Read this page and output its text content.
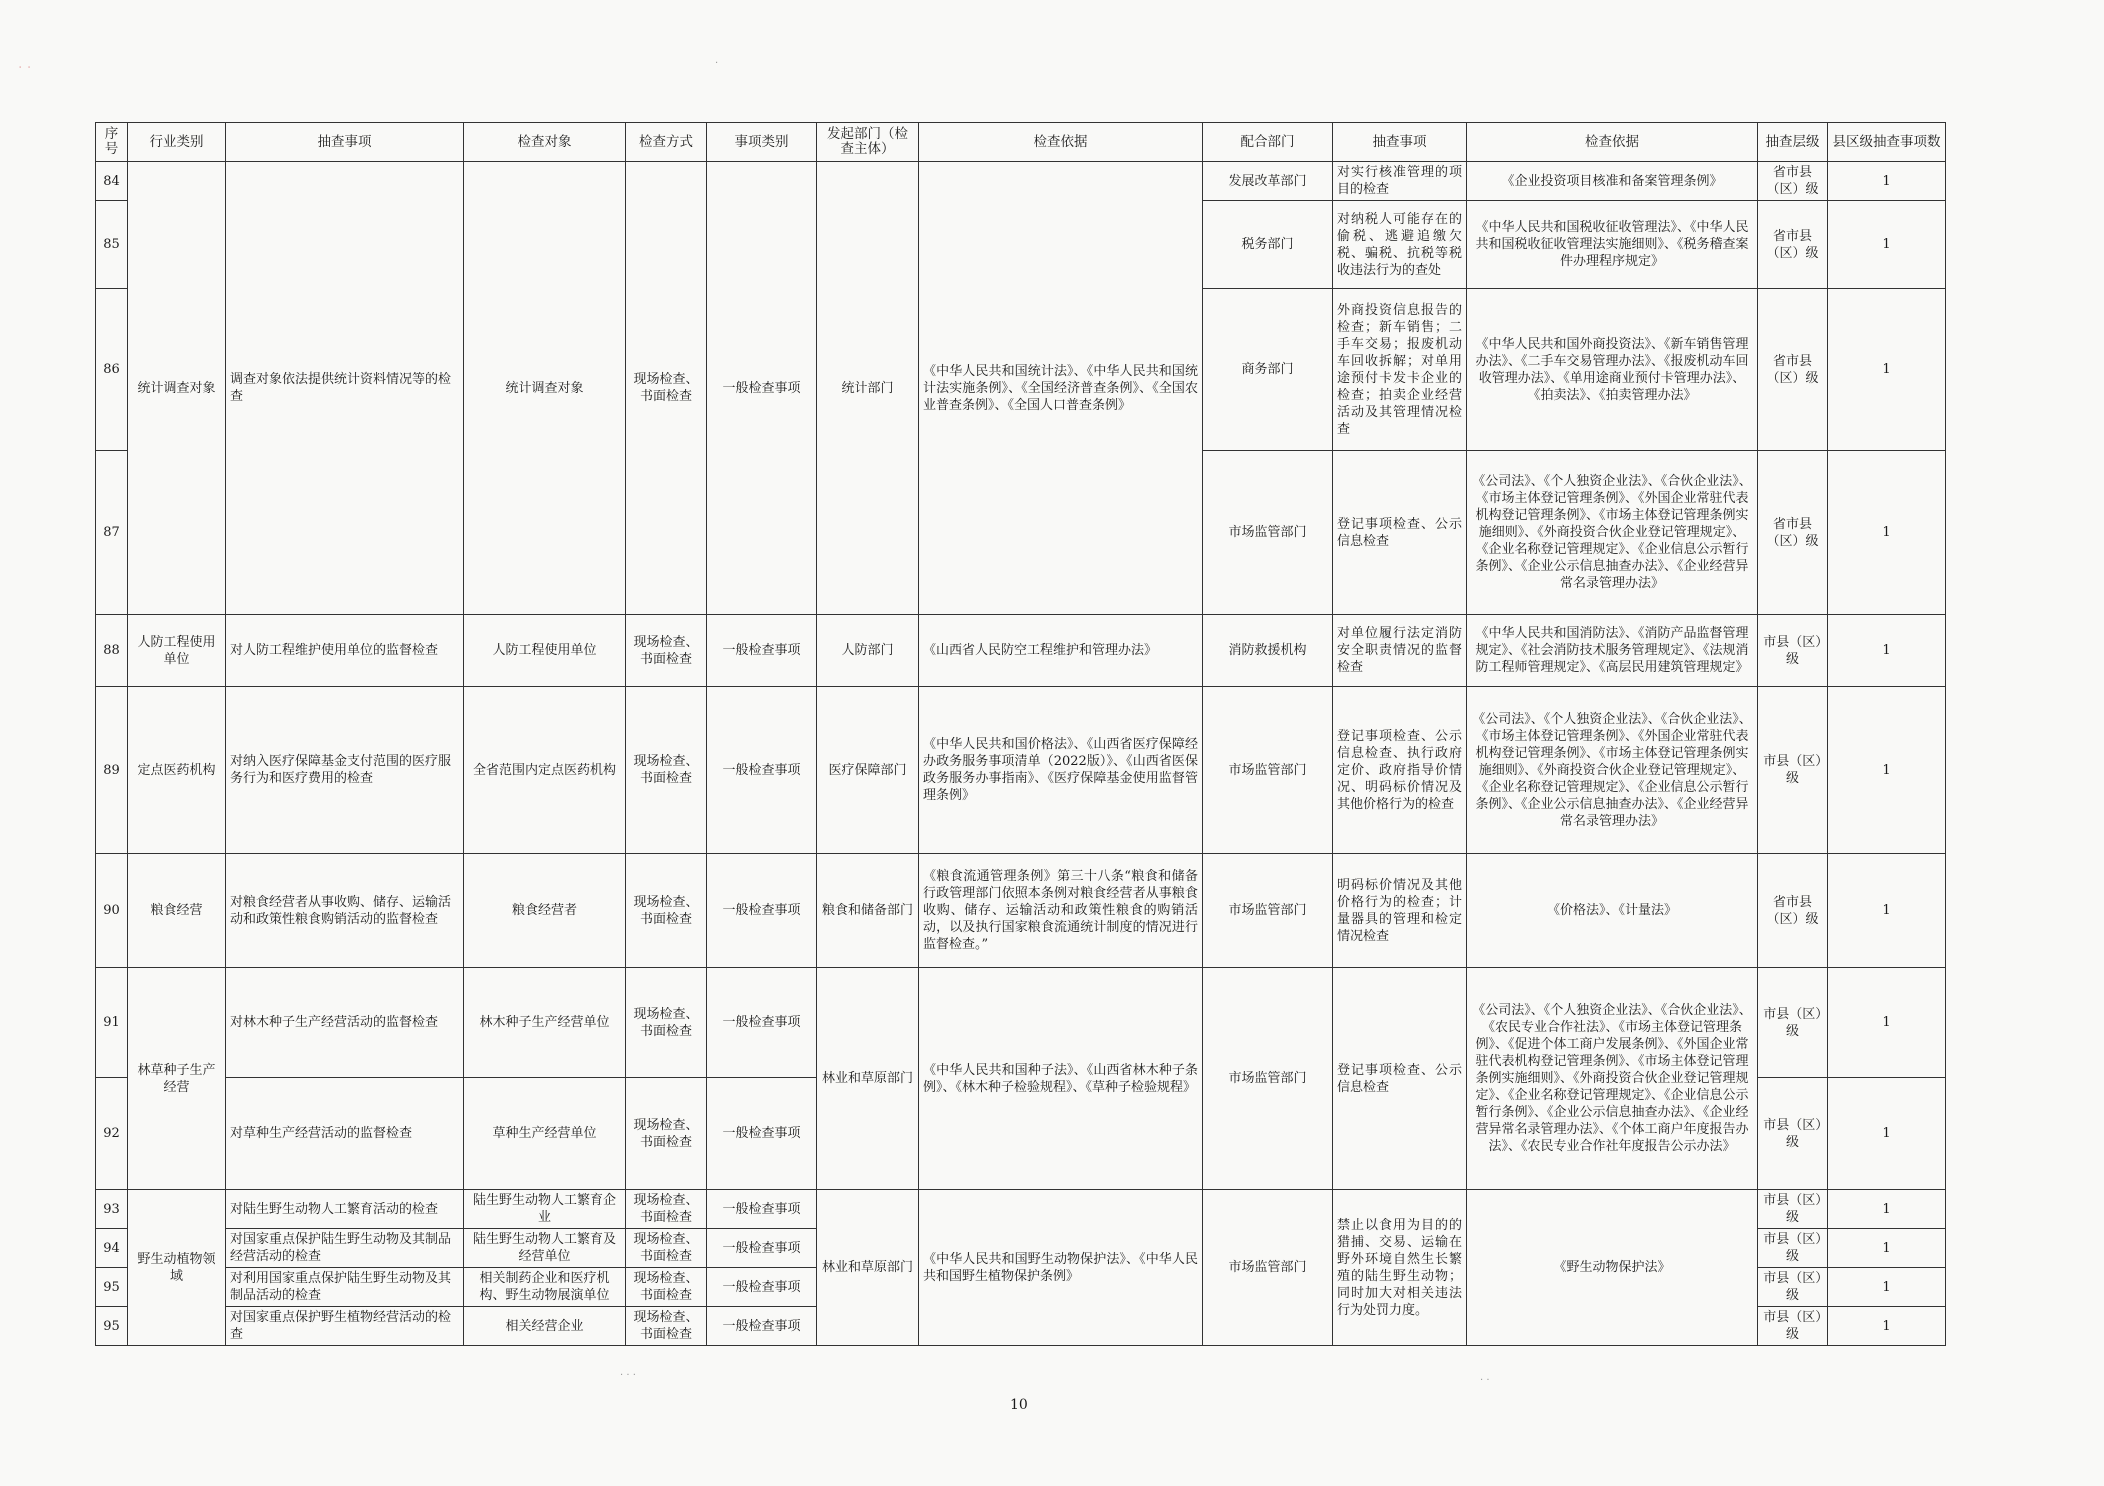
· ·
序号	行业类别	抽查事项	检查对象	检查方式	事项类别	发起部门（检查主体）	检查依据	配合部门	抽查事项	检查依据	抽查层级	县区级抽查事项数
84	统计调查对象	调查对象依法提供统计资料情况等的检查	统计调查对象	现场检查、书面检查	一般检查事项	统计部门	《中华人民共和国统计法》、《中华人民共和国统计法实施条例》、《全国经济普查条例》、《全国农业普查条例》、《全国人口普查条例》	发展改革部门	对实行核准管理的项目的检查	《企业投资项目核准和备案管理条例》	省市县（区）级	1
85								税务部门	对纳税人可能存在的偷税、逃避追缴欠税、骗税、抗税等税收违法行为的查处	《中华人民共和国税收征收管理法》、《中华人民共和国税收征收管理法实施细则》、《税务稽查案件办理程序规定》	省市县（区）级	1
86								商务部门	外商投资信息报告的检查；新车销售；二手车交易；报废机动车回收拆解；对单用途预付卡发卡企业的检查；拍卖企业经营活动及其管理情况检查	《中华人民共和国外商投资法》、《新车销售管理办法》、《二手车交易管理办法》、《报废机动车回收管理办法》、《单用途商业预付卡管理办法》、《拍卖法》、《拍卖管理办法》	省市县（区）级	1
87								市场监管部门	登记事项检查、公示信息检查	《公司法》、《个人独资企业法》、《合伙企业法》、《市场主体登记管理条例》、《外国企业常驻代表机构登记管理条例》、《市场主体登记管理条例实施细则》、《外商投资合伙企业登记管理规定》、《企业名称登记管理规定》、《企业信息公示暂行条例》、《企业公示信息抽查办法》、《企业经营异常名录管理办法》	省市县（区）级	1
88	人防工程使用单位	对人防工程维护使用单位的监督检查	人防工程使用单位	现场检查、书面检查	一般检查事项	人防部门	《山西省人民防空工程维护和管理办法》	消防救援机构	对单位履行法定消防安全职责情况的监督检查	《中华人民共和国消防法》、《消防产品监督管理规定》、《社会消防技术服务管理规定》、《法规消防工程师管理规定》、《高层民用建筑管理规定》	市县（区）级	1
89	定点医药机构	对纳入医疗保障基金支付范围的医疗服务行为和医疗费用的检查	全省范围内定点医药机构	现场检查、书面检查	一般检查事项	医疗保障部门	《中华人民共和国价格法》、《山西省医疗保障经办政务服务事项清单（2022版）》、《山西省医保政务服务办事指南》、《医疗保障基金使用监督管理条例》	市场监管部门	登记事项检查、公示信息检查、执行政府定价、政府指导价情况、明码标价情况及其他价格行为的检查	《公司法》、《个人独资企业法》、《合伙企业法》、《市场主体登记管理条例》、《外国企业常驻代表机构登记管理条例》、《市场主体登记管理条例实施细则》、《外商投资合伙企业登记管理规定》、《企业名称登记管理规定》、《企业信息公示暂行条例》、《企业公示信息抽查办法》、《企业经营异常名录管理办法》	市县（区）级	1
90	粮食经营	对粮食经营者从事收购、储存、运输活动和政策性粮食购销活动的监督检查	粮食经营者	现场检查、书面检查	一般检查事项	粮食和储备部门	《粮食流通管理条例》第三十八条“粮食和储备行政管理部门依照本条例对粮食经营者从事粮食收购、储存、运输活动和政策性粮食的购销活动，以及执行国家粮食流通统计制度的情况进行监督检查。”	市场监管部门	明码标价情况及其他价格行为的检查；计量器具的管理和检定情况检查	《价格法》、《计量法》	省市县（区）级	1
91	林草种子生产经营	对林木种子生产经营活动的监督检查	林木种子生产经营单位	现场检查、书面检查	一般检查事项	林业和草原部门	《中华人民共和国种子法》、《山西省林木种子条例》、《林木种子检验规程》、《草种子检验规程》	市场监管部门	登记事项检查、公示信息检查	《公司法》、《个人独资企业法》、《合伙企业法》、《农民专业合作社法》、《市场主体登记管理条例》、《促进个体工商户发展条例》、《外国企业常驻代表机构登记管理条例》、《市场主体登记管理条例实施细则》、《外商投资合伙企业登记管理规定》、《企业名称登记管理规定》、《企业信息公示暂行条例》、《企业公示信息抽查办法》、《企业经营异常名录管理办法》、《个体工商户年度报告办法》、《农民专业合作社年度报告公示办法》	市县（区）级	1
92		对草种生产经营活动的监督检查	草种生产经营单位	现场检查、书面检查	一般检查事项						市县（区）级	1
93	野生动植物领域	对陆生野生动物人工繁育活动的检查	陆生野生动物人工繁育企业	现场检查、书面检查	一般检查事项	林业和草原部门	《中华人民共和国野生动物保护法》、《中华人民共和国野生植物保护条例》	市场监管部门	禁止以食用为目的的猎捕、交易、运输在野外环境自然生长繁殖的陆生野生动物；同时加大对相关违法行为处罚力度。	《野生动物保护法》	市县（区）级	1
94		对国家重点保护陆生野生动物及其制品经营活动的检查	陆生野生动物人工繁育及经营单位	现场检查、书面检查	一般检查事项						市县（区）级	1
95		对利用国家重点保护陆生野生动物及其制品活动的检查	相关制药企业和医疗机构、野生动物展演单位	现场检查、书面检查	一般检查事项						市县（区）级	1
95		对国家重点保护野生植物经营活动的检查	相关经营企业	现场检查、书面检查	一般检查事项						市县（区）级	1
10
·
· · ·	· ·
